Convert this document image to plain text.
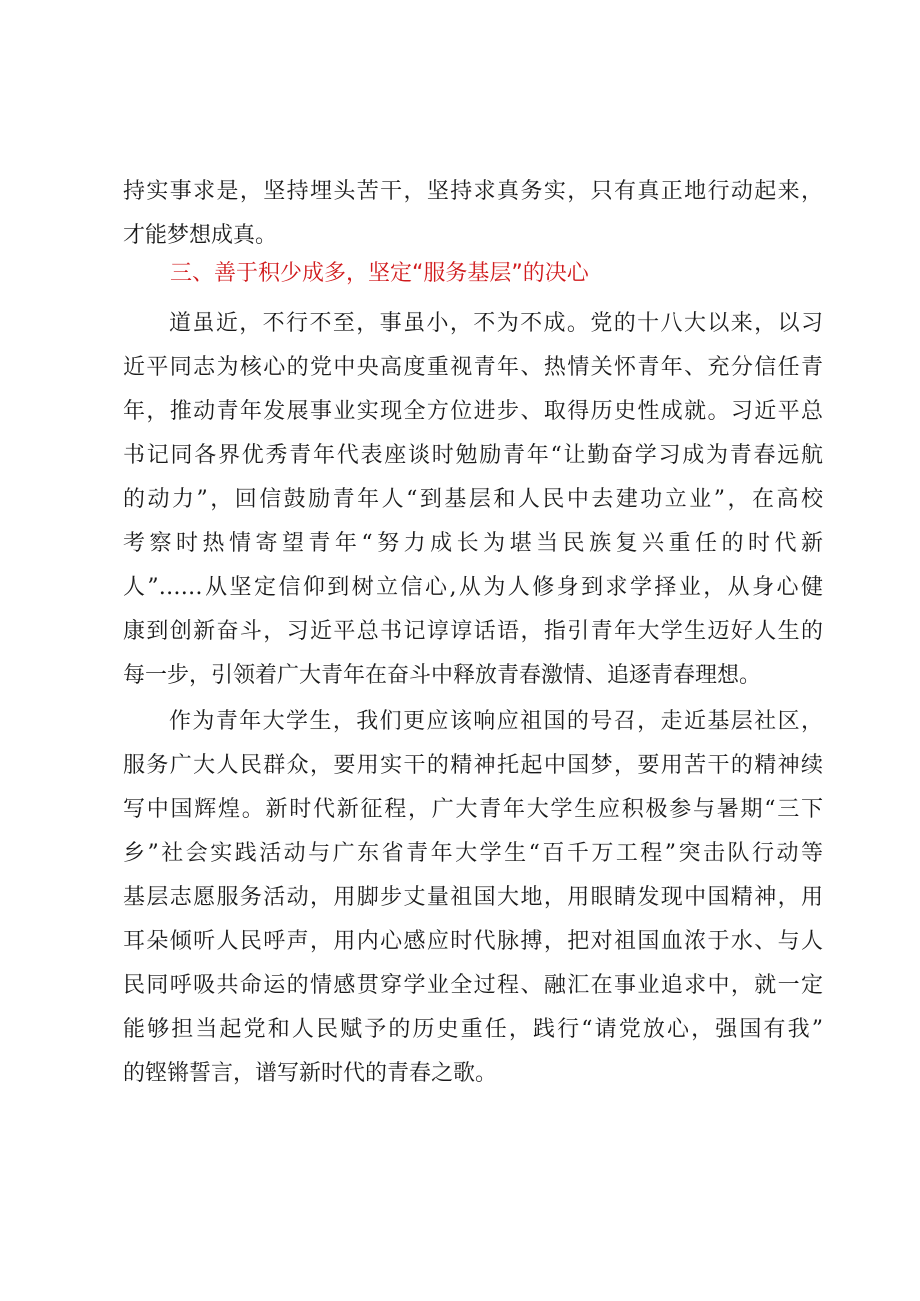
持实事求是，坚持埋头苦干，坚持求真务实，只有真正地行动起来，
才能梦想成真。
三、善于积少成多，坚定“服务基层”的决心
道虽近，不行不至，事虽小，不为不成。党的十八大以来，以习
近平同志为核心的党中央高度重视青年、热情关怀青年、充分信任青
年，推动青年发展事业实现全方位进步、取得历史性成就。习近平总
书记同各界优秀青年代表座谈时勉励青年“让勤奋学习成为青春远航
的动力”，回信鼓励青年人“到基层和人民中去建功立业”，在高校
考察时热情寄望青年“努力成长为堪当民族复兴重任的时代新
人”……从坚定信仰到树立信心,从为人修身到求学择业，从身心健
康到创新奋斗，习近平总书记谆谆话语，指引青年大学生迈好人生的
每一步，引领着广大青年在奋斗中释放青春激情、追逐青春理想。
作为青年大学生，我们更应该响应祖国的号召，走近基层社区，
服务广大人民群众，要用实干的精神托起中国梦，要用苦干的精神续
写中国辉煌。新时代新征程，广大青年大学生应积极参与暑期“三下
乡”社会实践活动与广东省青年大学生“百千万工程”突击队行动等
基层志愿服务活动，用脚步丈量祖国大地，用眼睛发现中国精神，用
耳朵倾听人民呼声，用内心感应时代脉搏，把对祖国血浓于水、与人
民同呼吸共命运的情感贯穿学业全过程、融汇在事业追求中，就一定
能够担当起党和人民赋予的历史重任，践行“请党放心，强国有我”
的铿锵誓言，谱写新时代的青春之歌。
